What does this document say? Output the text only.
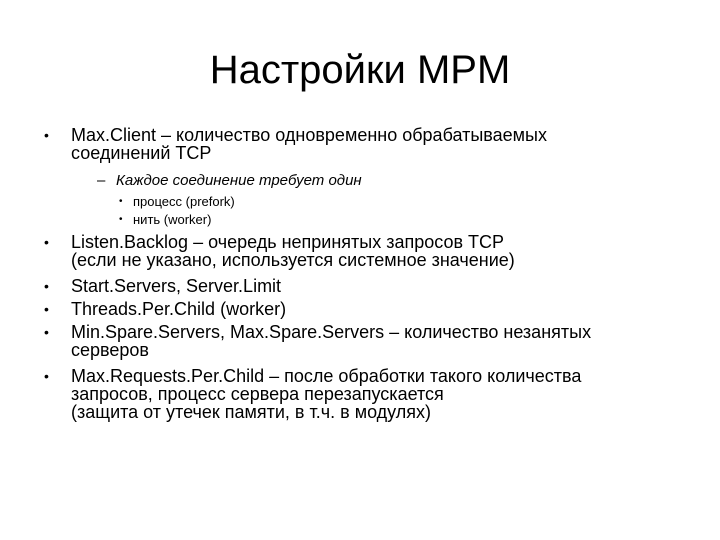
Настройки MPM
• Max.Client – количество одновременно обрабатываемых
соединений TCP
– Каждое соединение требует один
• процесс (prefork)
• нить (worker)
• Listen.Backlog – очередь непринятых запросов TCP
(если не указано, используется системное значение)
• Start.Servers, Server.Limit
• Threads.Per.Child (worker)
• Min.Spare.Servers, Max.Spare.Servers – количество незанятых
серверов
• Max.Requests.Per.Child – после обработки такого количества
запросов, процесс сервера перезапускается
(защита от утечек памяти, в т.ч. в модулях)
